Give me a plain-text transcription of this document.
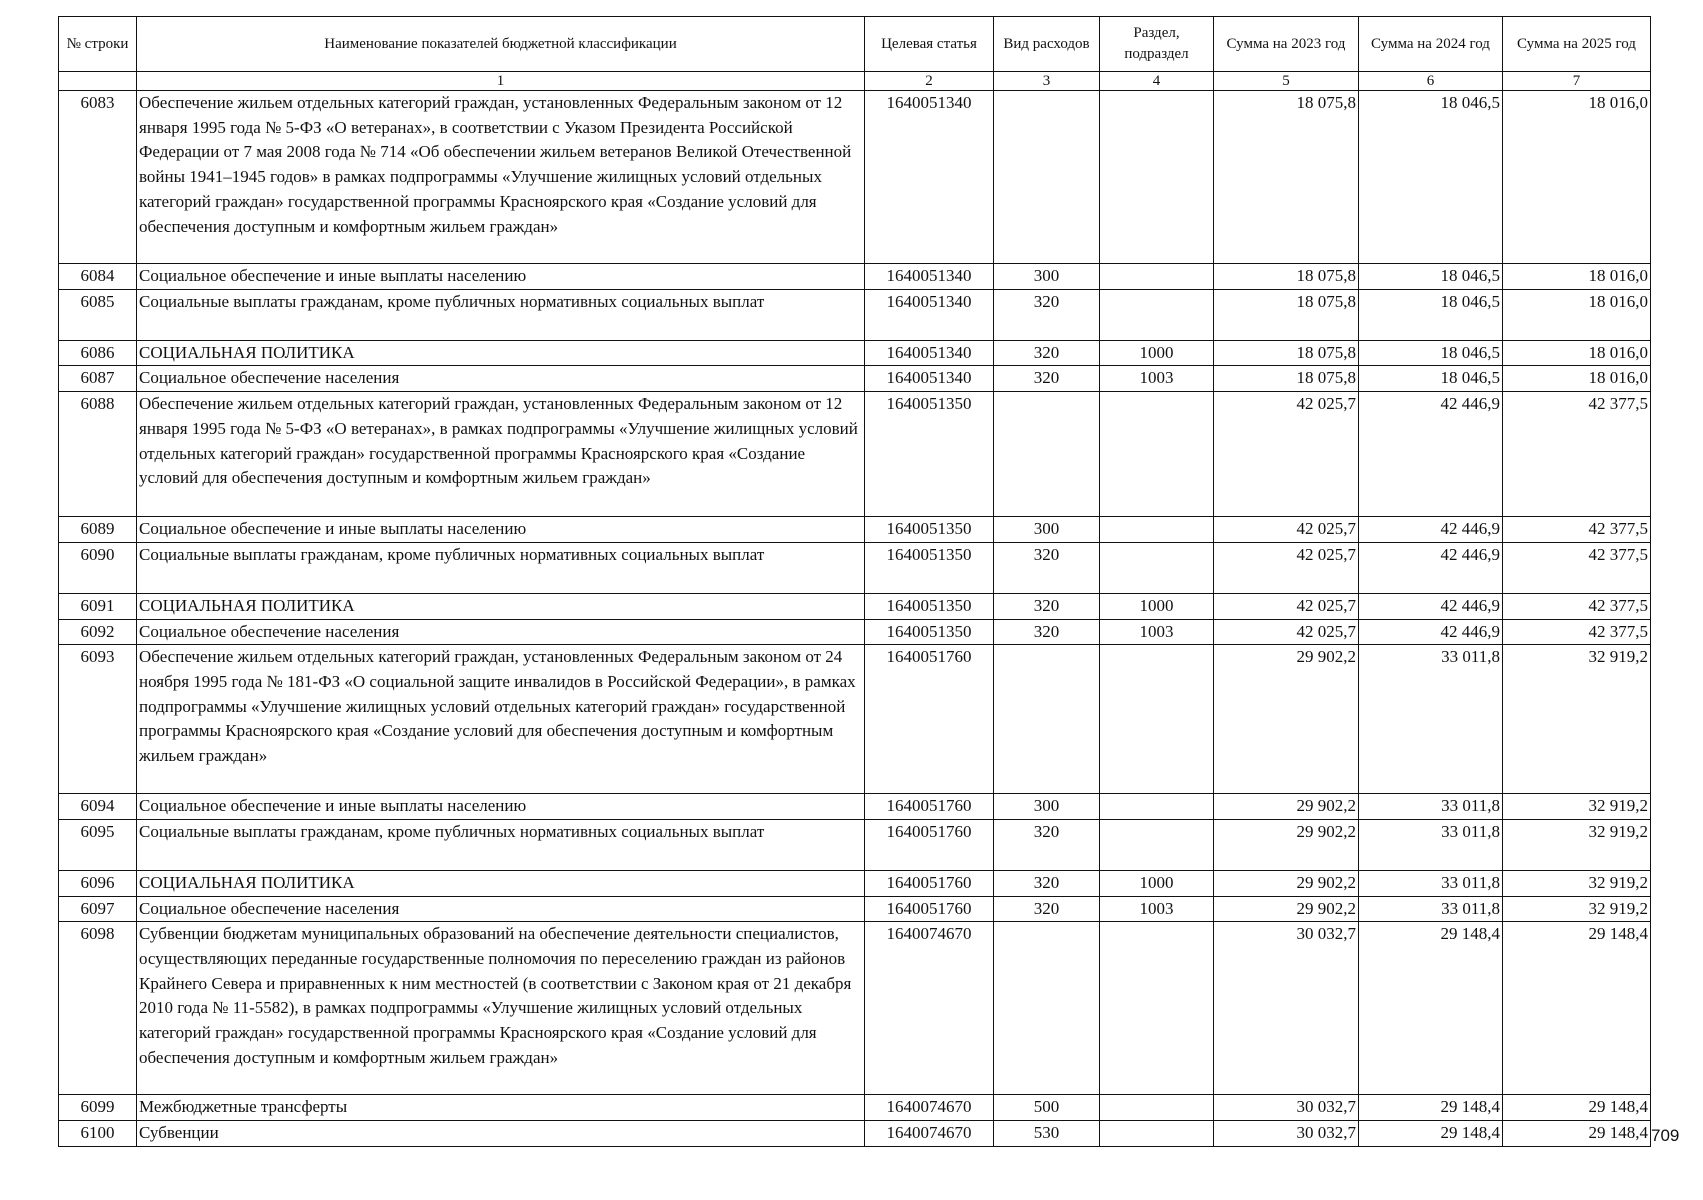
№ строки	Наименование показателей бюджетной классификации	Целевая статья	Вид расходов	Раздел, подраздел	Сумма на 2023 год	Сумма на 2024 год	Сумма на 2025 год
	1	2	3	4	5	6	7
6083	Обеспечение жильем отдельных категорий граждан, установленных Федеральным законом от 12 января 1995 года № 5-ФЗ «О ветеранах», в соответствии с Указом Президента Российской Федерации от 7 мая 2008 года № 714 «Об обеспечении жильем ветеранов Великой Отечественной войны 1941–1945 годов» в рамках подпрограммы «Улучшение жилищных условий отдельных категорий граждан» государственной программы Красноярского края «Создание условий для обеспечения доступным и комфортным жильем граждан»	1640051340			18 075,8	18 046,5	18 016,0
6084	Социальное обеспечение и иные выплаты населению	1640051340	300		18 075,8	18 046,5	18 016,0
6085	Социальные выплаты гражданам, кроме публичных нормативных социальных выплат	1640051340	320		18 075,8	18 046,5	18 016,0
6086	СОЦИАЛЬНАЯ ПОЛИТИКА	1640051340	320	1000	18 075,8	18 046,5	18 016,0
6087	Социальное обеспечение населения	1640051340	320	1003	18 075,8	18 046,5	18 016,0
6088	Обеспечение жильем отдельных категорий граждан, установленных Федеральным законом от 12 января 1995 года № 5-ФЗ «О ветеранах», в рамках подпрограммы «Улучшение жилищных условий отдельных категорий граждан» государственной программы Красноярского края «Создание условий для обеспечения доступным и комфортным жильем граждан»	1640051350			42 025,7	42 446,9	42 377,5
6089	Социальное обеспечение и иные выплаты населению	1640051350	300		42 025,7	42 446,9	42 377,5
6090	Социальные выплаты гражданам, кроме публичных нормативных социальных выплат	1640051350	320		42 025,7	42 446,9	42 377,5
6091	СОЦИАЛЬНАЯ ПОЛИТИКА	1640051350	320	1000	42 025,7	42 446,9	42 377,5
6092	Социальное обеспечение населения	1640051350	320	1003	42 025,7	42 446,9	42 377,5
6093	Обеспечение жильем отдельных категорий граждан, установленных Федеральным законом от 24 ноября 1995 года № 181-ФЗ «О социальной защите инвалидов в Российской Федерации», в рамках подпрограммы «Улучшение жилищных условий отдельных категорий граждан» государственной программы Красноярского края «Создание условий для обеспечения доступным и комфортным жильем граждан»	1640051760			29 902,2	33 011,8	32 919,2
6094	Социальное обеспечение и иные выплаты населению	1640051760	300		29 902,2	33 011,8	32 919,2
6095	Социальные выплаты гражданам, кроме публичных нормативных социальных выплат	1640051760	320		29 902,2	33 011,8	32 919,2
6096	СОЦИАЛЬНАЯ ПОЛИТИКА	1640051760	320	1000	29 902,2	33 011,8	32 919,2
6097	Социальное обеспечение населения	1640051760	320	1003	29 902,2	33 011,8	32 919,2
6098	Субвенции бюджетам муниципальных образований на обеспечение деятельности специалистов, осуществляющих переданные государственные полномочия по переселению граждан из районов Крайнего Севера и приравненных к ним местностей (в соответствии с Законом края от 21 декабря 2010 года № 11-5582), в рамках подпрограммы «Улучшение жилищных условий отдельных категорий граждан» государственной программы Красноярского края «Создание условий для обеспечения доступным и комфортным жильем граждан»	1640074670			30 032,7	29 148,4	29 148,4
6099	Межбюджетные трансферты	1640074670	500		30 032,7	29 148,4	29 148,4
6100	Субвенции	1640074670	530		30 032,7	29 148,4	29 148,4 709
